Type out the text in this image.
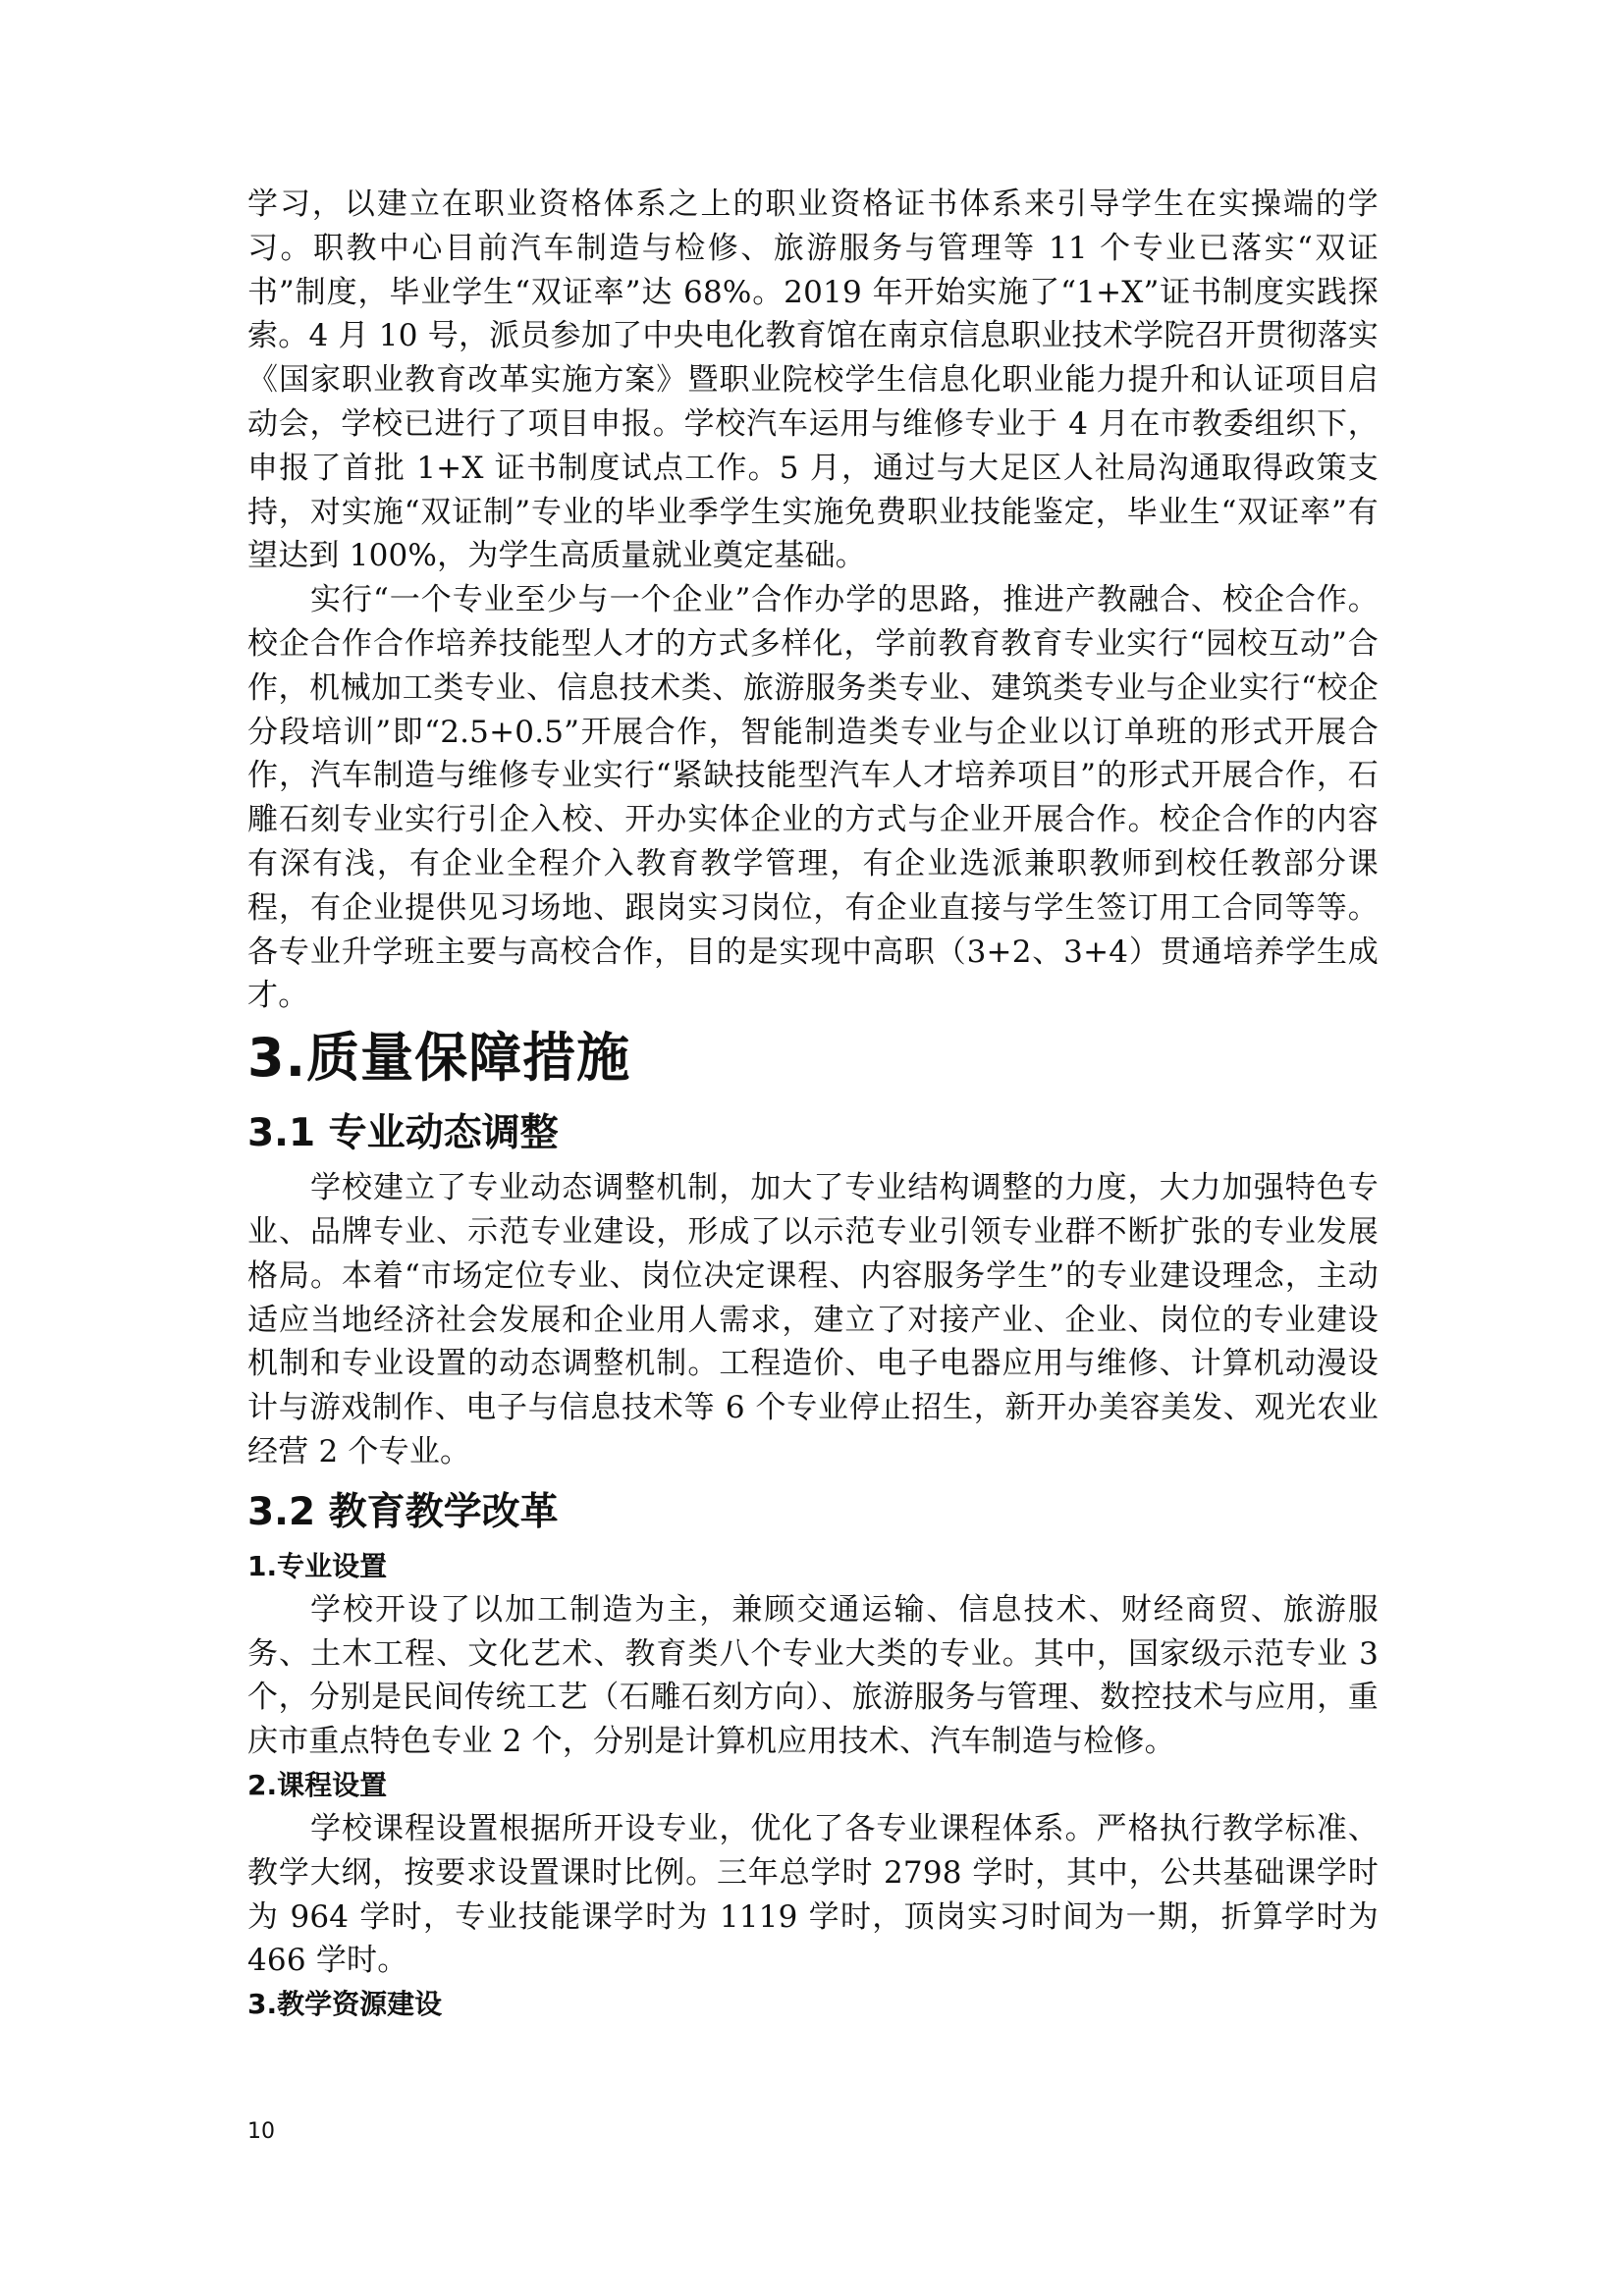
学习，以建立在职业资格体系之上的职业资格证书体系来引导学生在实操端的学习。职教中心目前汽车制造与检修、旅游服务与管理等 11 个专业已落实“双证书”制度，毕业学生“双证率”达 68%。2019 年开始实施了“1+X”证书制度实践探索。4 月 10 号，派员参加了中央电化教育馆在南京信息职业技术学院召开贯彻落实《国家职业教育改革实施方案》暨职业院校学生信息化职业能力提升和认证项目启动会，学校已进行了项目申报。学校汽车运用与维修专业于 4 月在市教委组织下，申报了首批 1+X 证书制度试点工作。5 月，通过与大足区人社局沟通取得政策支持，对实施“双证制”专业的毕业季学生实施免费职业技能鉴定，毕业生“双证率”有望达到 100%，为学生高质量就业奠定基础。

实行“一个专业至少与一个企业”合作办学的思路，推进产教融合、校企合作。校企合作合作培养技能型人才的方式多样化，学前教育教育专业实行“园校互动”合作，机械加工类专业、信息技术类、旅游服务类专业、建筑类专业与企业实行“校企分段培训”即“2.5+0.5”开展合作，智能制造类专业与企业以订单班的形式开展合作，汽车制造与维修专业实行“紧缺技能型汽车人才培养项目”的形式开展合作，石雕石刻专业实行引企入校、开办实体企业的方式与企业开展合作。校企合作的内容有深有浅，有企业全程介入教育教学管理，有企业选派兼职教师到校任教部分课程，有企业提供见习场地、跟岗实习岗位，有企业直接与学生签订用工合同等等。各专业升学班主要与高校合作，目的是实现中高职（3+2、3+4）贯通培养学生成才。

3.质量保障措施
3.1 专业动态调整

学校建立了专业动态调整机制，加大了专业结构调整的力度，大力加强特色专业、品牌专业、示范专业建设，形成了以示范专业引领专业群不断扩张的专业发展格局。本着“市场定位专业、岗位决定课程、内容服务学生”的专业建设理念，主动适应当地经济社会发展和企业用人需求，建立了对接产业、企业、岗位的专业建设机制和专业设置的动态调整机制。工程造价、电子电器应用与维修、计算机动漫设计与游戏制作、电子与信息技术等 6 个专业停止招生，新开办美容美发、观光农业经营 2 个专业。

3.2 教育教学改革
1.专业设置

学校开设了以加工制造为主，兼顾交通运输、信息技术、财经商贸、旅游服务、土木工程、文化艺术、教育类八个专业大类的专业。其中，国家级示范专业 3 个，分别是民间传统工艺（石雕石刻方向）、旅游服务与管理、数控技术与应用，重庆市重点特色专业 2 个，分别是计算机应用技术、汽车制造与检修。

2.课程设置

学校课程设置根据所开设专业，优化了各专业课程体系。严格执行教学标准、教学大纲，按要求设置课时比例。三年总学时 2798 学时，其中，公共基础课学时为 964 学时，专业技能课学时为 1119 学时，顶岗实习时间为一期，折算学时为 466 学时。

3.教学资源建设
10
